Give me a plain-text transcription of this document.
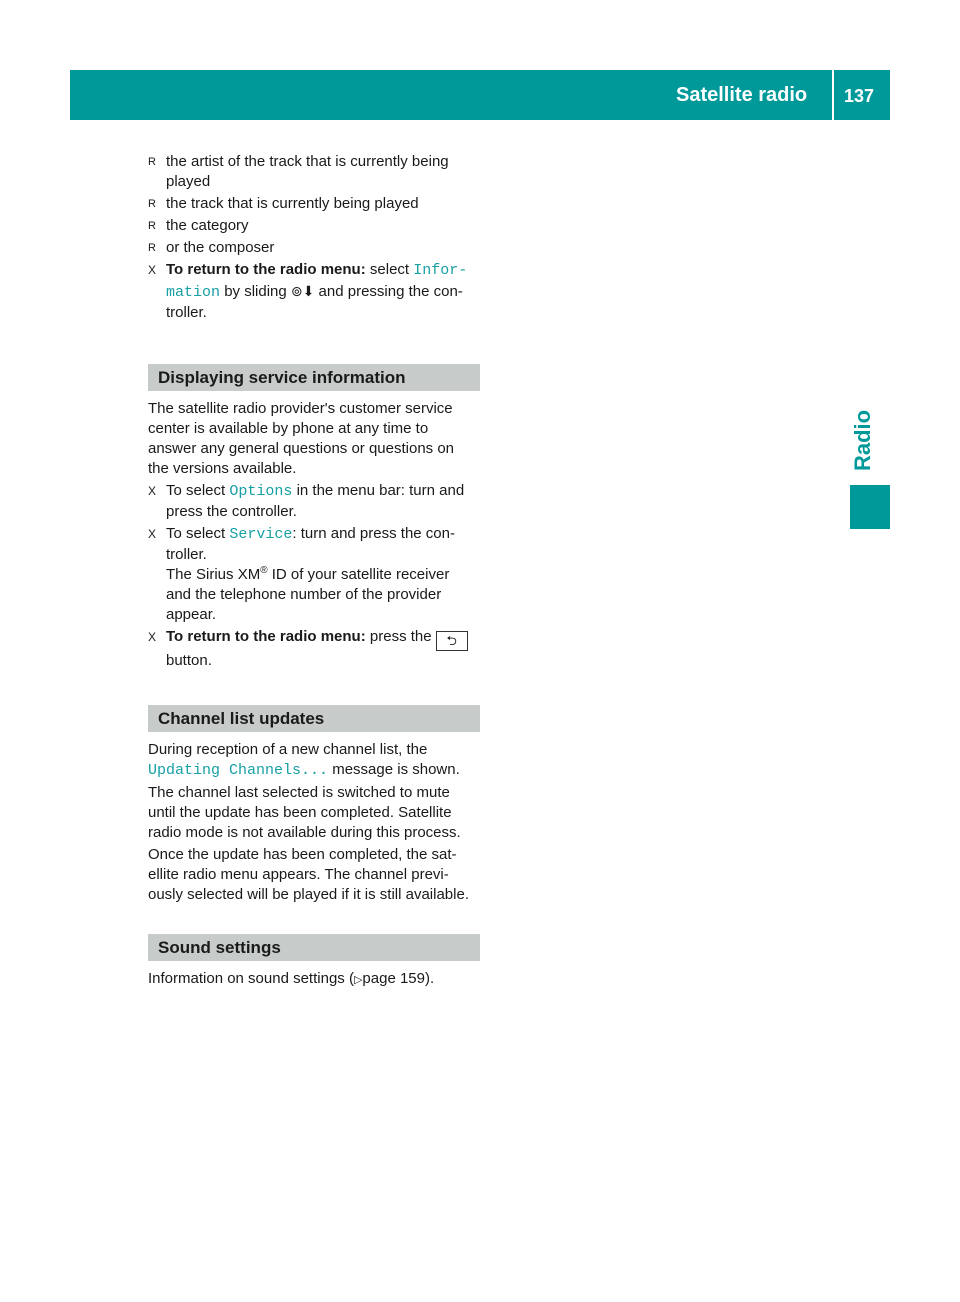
Satellite radio 137
Radio
R the artist of the track that is currently being
played
R the track that is currently being played
R the category
R or the composer
X To return to the radio menu: select Infor-
mation by sliding ⊚⬇ and pressing the con-
troller.
Displaying service information
The satellite radio provider's customer service
center is available by phone at any time to
answer any general questions or questions on
the versions available.
X To select Options in the menu bar: turn and
press the controller.
X To select Service: turn and press the con-
troller.
The Sirius XM® ID of your satellite receiver
and the telephone number of the provider
appear.
X To return to the radio menu: press the ⮌
button.
Channel list updates
During reception of a new channel list, the
Updating Channels... message is shown.
The channel last selected is switched to mute
until the update has been completed. Satellite
radio mode is not available during this process.
Once the update has been completed, the sat-
ellite radio menu appears. The channel previ-
ously selected will be played if it is still available.
Sound settings
Information on sound settings (▷page 159).
